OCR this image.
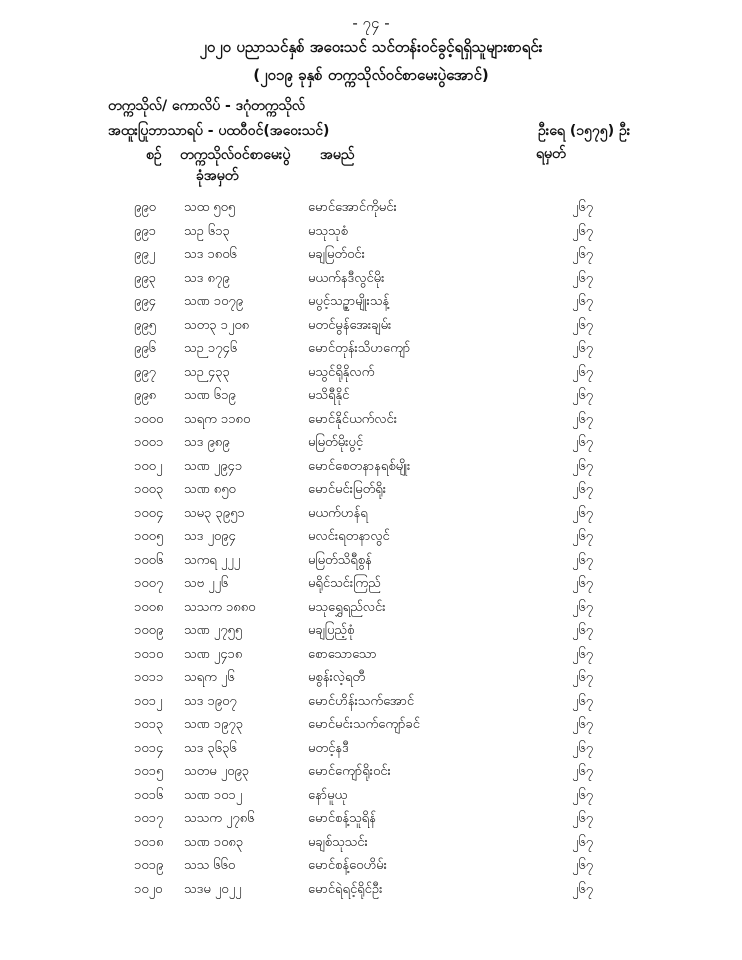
- ၇၄ -
၂၀၂၀ ပညာသင်နှစ် အဝေးသင် သင်တန်းဝင်ခွင့်ရရှိသူများစာရင်း
(၂၀၁၉ ခုနှစ် တက္ကသိုလ်ဝင်စာမေးပွဲအောင်)
တက္ကသိုလ်/ ကောလိပ် - ဒဂုံတက္ကသိုလ်
အထူးပြုဘာသာရပ် - ပထဝီဝင်(အဝေးသင်)	ဦးရေ (၁၅၇၅) ဦး
ရမှတ်
စဉ် တက္ကသိုလ်ဝင်စာမေးပွဲ
ခုံအမှတ်
အမည်
၉၉၀ သထ ၅၀၅	မောင်အောင်ကိုမင်း	၂၆၇
၉၉၁ သဥ ၆၁၃	မသုသုစံ	၂၆၇
၉၉၂ သဒ ၁၈၀၆	မချမြတ်ဝင်း	၂၆၇
၉၉၃ သဒ ၈၇၉	မယက်နဒီလွင်မိုး	၂၆၇
၉၉၄ သဏ ၁၀၇၉	မပွင့်သဉ္ဇာမျိုးသန့်	၂၆၇
၉၉၅ သတ၃ ၁၂၀၈	မတင်မွန်အေးချမ်း	၂၆၇
၉၉၆ သဉ ၁၇၄၆	မောင်တုန်းသိဟကျော်	၂၆၇
၉၉၇ သဉ ၄၃၃	မသွင်ရိုနိုလက်	၂၆၇
၉၉၈ သဏ ၆၁၉	မသိရီနိုင်	၂၆၇
၁၀၀၀ သရက ၁၁၈၀	မောင်နိုင်ယက်လင်း	၂၆၇
၁၀၀၁ သဒ ၉၈၉	မမြတ်မိုးပွင့်	၂၆၇
၁၀၀၂ သဏ ၂၉၄၁	မောင်စေတနာနရစ်မျိုး	၂၆၇
၁၀၀၃ သဏ ၈၅၀	မောင်မင်းမြတ်ရိုး	၂၆၇
၁၀၀၄ သမ၃ ၃၉၅၁	မယက်ဟန်ရ	၂၆၇
၁၀၀၅ သဒ ၂၀၉၄	မလင်းရတနာလွင်	၂၆၇
၁၀၀၆ သကရ ၂၂၂	မမြတ်သိရီစွန်	၂၆၇
၁၀၀၇ သဗ ၂၂၆	မရိုင်သင်းကြည်	၂၆၇
၁၀၀၈ သသက ၁၈၈၀	မသုရွှေရည်လင်း	၂၆၇
၁၀၀၉ သဏ ၂၇၅၅	မချပြည့်စုံ	၂၆၇
၁၀၁၀ သဏ ၂၄၁၈	စောသောသော	၂၆၇
၁၀၁၁ သရက ၂၆	မစွန်းလဲ့ရတီ	၂၆၇
၁၀၁၂ သဒ ၁၉၀၇	မောင်ဟိန်းသက်အောင်	၂၆၇
၁၀၁၃ သဏ ၁၉၇၃	မောင်မင်းသက်ကျော်ခင်	၂၆၇
၁၀၁၄ သဒ ၃၆၃၆	မတင့်နဒီ	၂၆၇
၁၀၁၅ သတမ ၂၀၉၃	မောင်ကျော်ရိုးဝင်း	၂၆၇
၁၀၁၆ သဏ ၁၀၁၂	နော်မူယု	၂၆၇
၁၀၁၇ သသက ၂၇၈၆	မောင်စန့်သူရိန်	၂၆၇
၁၀၁၈ သဏ ၁၀၈၃	မချစ်သုသင်း	၂၆၇
၁၀၁၉ သသ ၆၆၀	မောင်စန့်ဝေဟိမ်း	၂၆၇
၁၀၂၀ သဒမ ၂၀၂၂	မောင်ရဲရင့်ရိုင်ဦး	၂၆၇
